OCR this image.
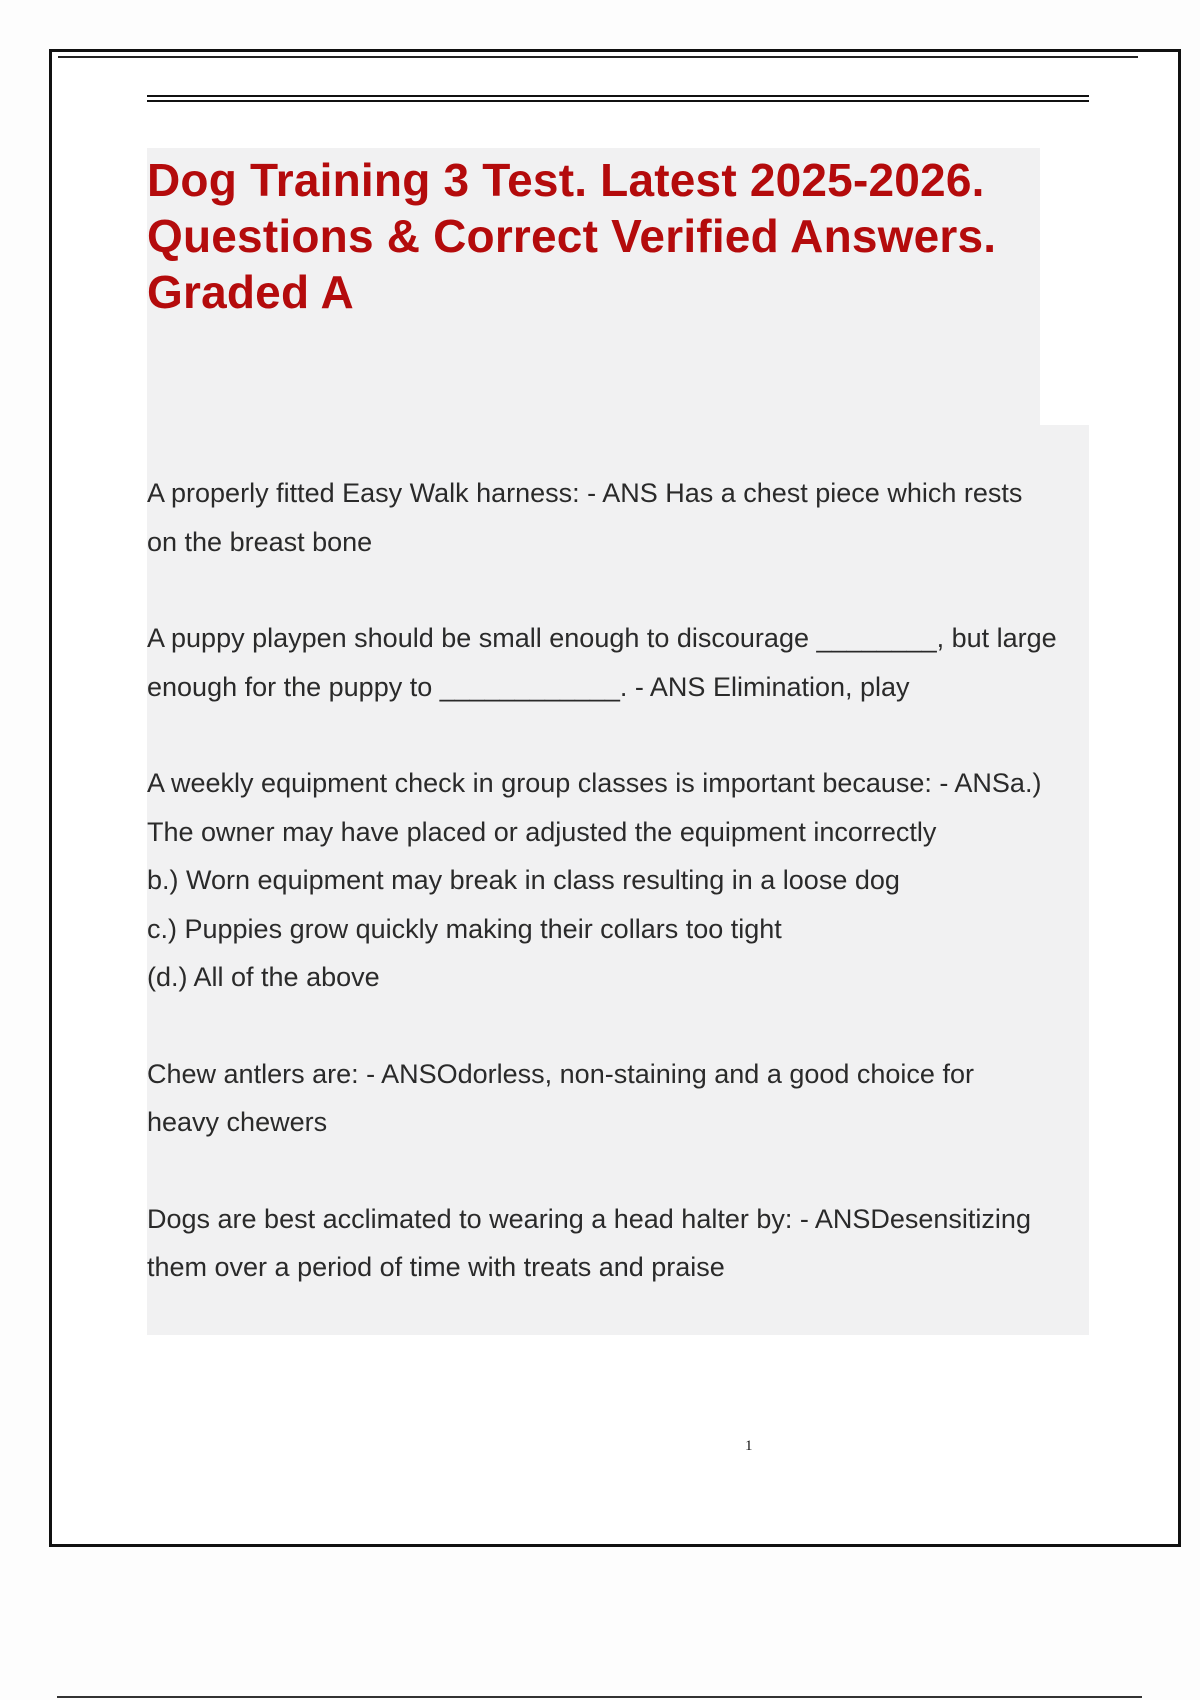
Dog Training 3 Test. Latest 2025-2026.
Questions & Correct Verified Answers.
Graded A
A properly fitted Easy Walk harness: - ANS Has a chest piece which rests
on the breast bone
A puppy playpen should be small enough to discourage ________, but large
enough for the puppy to ____________. - ANS Elimination, play
A weekly equipment check in group classes is important because: - ANSa.)
The owner may have placed or adjusted the equipment incorrectly
b.) Worn equipment may break in class resulting in a loose dog
c.) Puppies grow quickly making their collars too tight
(d.) All of the above
Chew antlers are: - ANSOdorless, non-staining and a good choice for
heavy chewers
Dogs are best acclimated to wearing a head halter by: - ANSDesensitizing
them over a period of time with treats and praise
1
